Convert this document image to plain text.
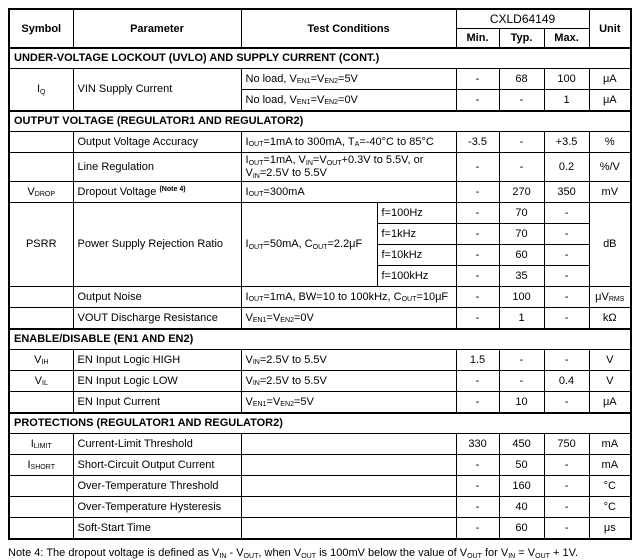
Symbol	Parameter	Test Conditions		CXLD64149			Unit
				Min.	Typ.	Max.	
UNDER-VOLTAGE LOCKOUT (UVLO) AND SUPPLY CURRENT (CONT.)							
$I_Q$	VIN Supply Current	No load, $V_{EN1}=V_{EN2}=5V$		-	68	100	μA
		No load, $V_{EN1}=V_{EN2}=0V$		-	-	1	μA
OUTPUT VOLTAGE (REGULATOR1 AND REGULATOR2)							
	Output Voltage Accuracy	$I_{OUT}=1mA$ to 300mA, $T_A=-40^\circ C$ to 85°C		-3.5	-	+3.5	%
	Line Regulation	$I_{OUT}=1mA$, $V_{IN}=V_{OUT}+0.3V$ to 5.5V, or $V_{IN}=2.5V$ to 5.5V		-	-	0.2	%/V
$V_{DROP}$	Dropout Voltage $^{(Note 4)}$	$I_{OUT}=300mA$		-	270	350	mV
PSRR	Power Supply Rejection Ratio	$I_{OUT}=50mA$, $C_{OUT}=2.2\mu F$	f=100Hz	-	70	-	dB
			f=1kHz	-	70	-	
			f=10kHz	-	60	-	
			f=100kHz	-	35	-	
	Output Noise	$I_{OUT}=1mA$, BW=10 to 100kHz, $C_{OUT}=10\mu F$		-	100	-	$\mu V_{RMS}$
	VOUT Discharge Resistance	$V_{EN1}=V_{EN2}=0V$		-	1	-	kΩ
ENABLE/DISABLE (EN1 AND EN2)							
$V_{IH}$	EN Input Logic HIGH	$V_{IN}=2.5V$ to 5.5V		1.5	-	-	V
$V_{IL}$	EN Input Logic LOW	$V_{IN}=2.5V$ to 5.5V		-	-	0.4	V
	EN Input Current	$V_{EN1}=V_{EN2}=5V$		-	10	-	μA
PROTECTIONS (REGULATOR1 AND REGULATOR2)							
$I_{LIMIT}$	Current-Limit Threshold			330	450	750	mA
$I_{SHORT}$	Short-Circuit Output Current			-	50	-	mA
	Over-Temperature Threshold			-	160	-	°C
	Over-Temperature Hysteresis			-	40	-	°C
	Soft-Start Time			-	60	-	μs

Note 4: The dropout voltage is defined as $V_{IN} - V_{OUT}$, when $V_{OUT}$ is 100mV below the value of $V_{OUT}$ for $V_{IN} = V_{OUT} + 1V$.
